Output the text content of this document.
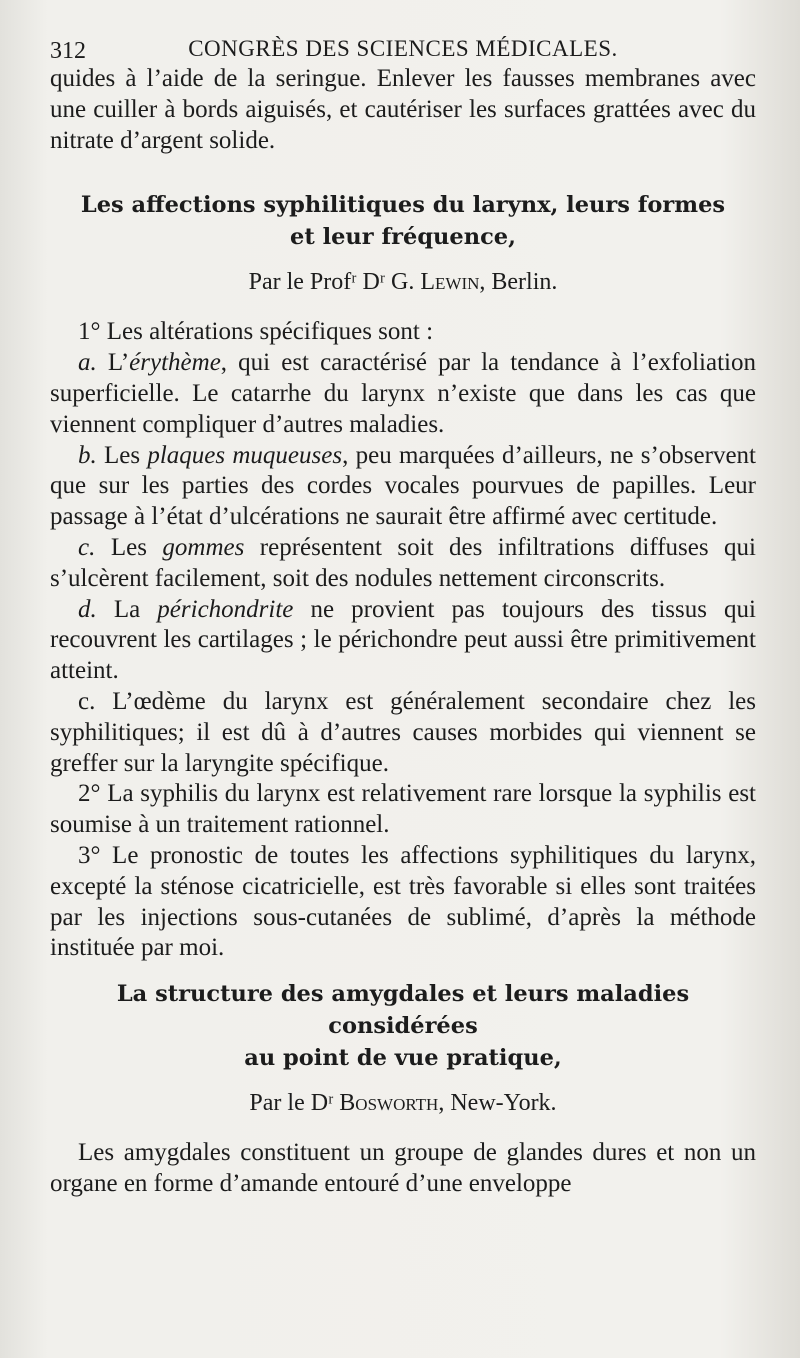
312	CONGRÈS DES SCIENCES MÉDICALES.

quides à l’aide de la seringue. Enlever les fausses membranes avec une cuiller à bords aiguisés, et cautériser les surfaces grattées avec du nitrate d’argent solide.

Les affections syphilitiques du larynx, leurs formes

et leur fréquence,

Par le Profʳ Dʳ G. Lewin, Berlin.

1° Les altérations spécifiques sont :

a. L’érythème, qui est caractérisé par la tendance à l’exfoliation superficielle. Le catarrhe du larynx n’existe que dans les cas que viennent compliquer d’autres maladies.

b. Les plaques muqueuses, peu marquées d’ailleurs, ne s’observent que sur les parties des cordes vocales pourvues de papilles. Leur passage à l’état d’ulcérations ne saurait être affirmé avec certitude.

c. Les gommes représentent soit des infiltrations diffuses qui s’ulcèrent facilement, soit des nodules nettement circonscrits.

d. La périchondrite ne provient pas toujours des tissus qui recouvrent les cartilages ; le périchondre peut aussi être primitivement atteint.

c. L’œdème du larynx est généralement secondaire chez les syphilitiques; il est dû à d’autres causes morbides qui viennent se greffer sur la laryngite spécifique.

2° La syphilis du larynx est relativement rare lorsque la syphilis est soumise à un traitement rationnel.

3° Le pronostic de toutes les affections syphilitiques du larynx, excepté la sténose cicatricielle, est très favorable si elles sont traitées par les injections sous-cutanées de sublimé, d’après la méthode instituée par moi.

La structure des amygdales et leurs maladies considérées

au point de vue pratique,

Par le Dʳ Bosworth, New-York.

Les amygdales constituent un groupe de glandes dures et non un organe en forme d’amande entouré d’une enveloppe
